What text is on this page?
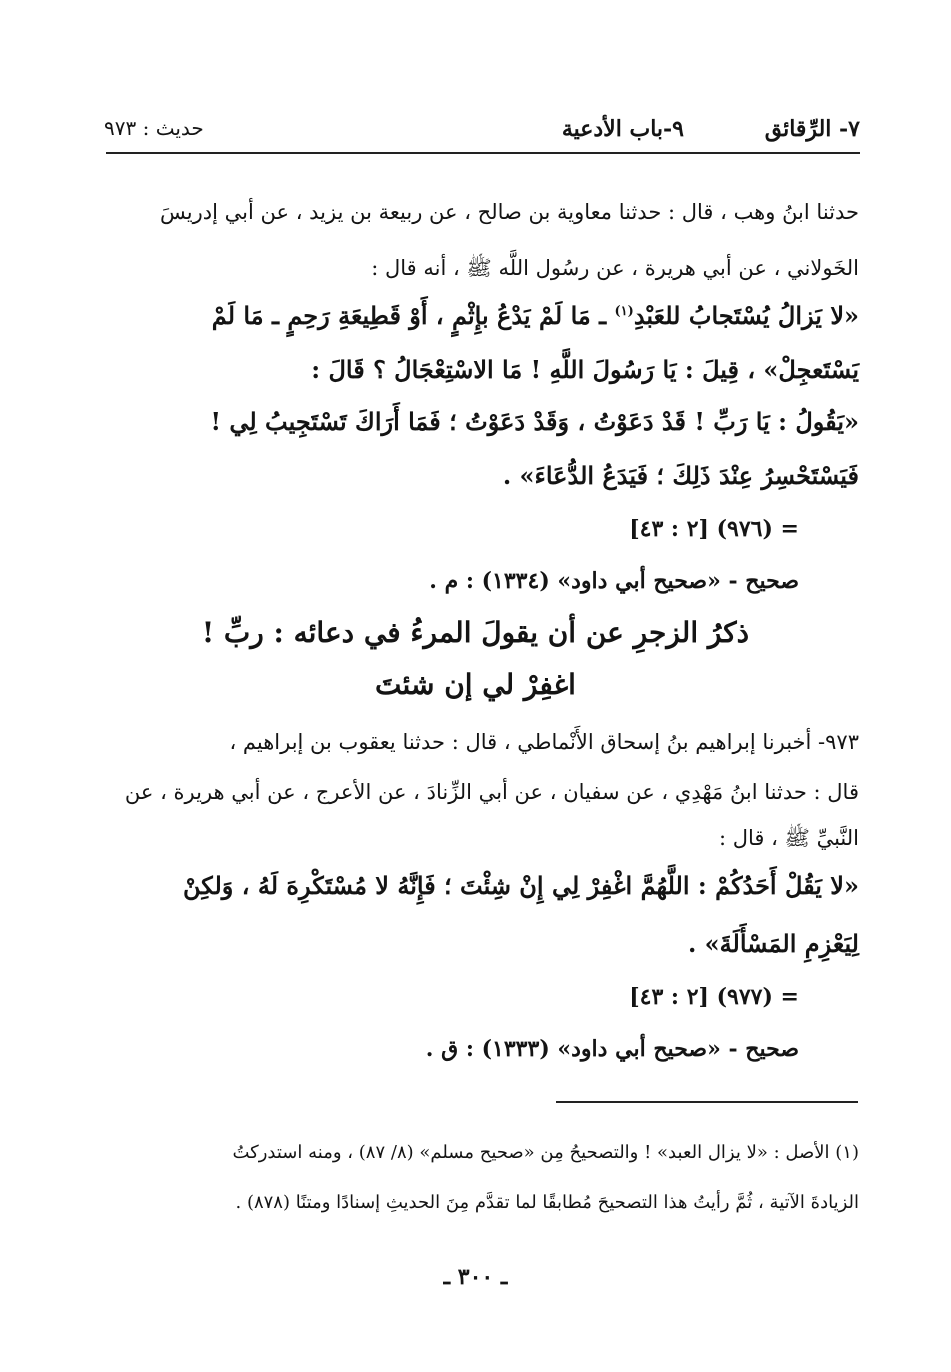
٧- الرِّقائق
٩-باب الأدعية
حديث : ٩٧٣
حدثنا ابنُ وهب ، قال : حدثنا معاوية بن صالح ، عن ربيعة بن يزيد ، عن أبي إدريسَ
الخَولاني ، عن أبي هريرة ، عن رسُول اللَّه ﷺ ، أنه قال :
«لا يَزالُ يُسْتَجابُ للعَبْدِ$^{(١)}$ ـ مَا لَمْ يَدْعُ بإِثْمٍ ، أَوْ قَطِيعَةِ رَحِمٍ ـ مَا لَمْ
يَسْتَعجِلْ» ، قِيلَ : يَا رَسُولَ اللَّهِ ! مَا الاسْتِعْجَالُ ؟ قَالَ :
«يَقُولُ : يَا رَبِّ ! قَدْ دَعَوْتُ ، وَقَدْ دَعَوْتُ ؛ فَمَا أَرَاكَ تَسْتَجِيبُ لِي !
فَيَسْتَحْسِرُ عِنْدَ ذَلِكَ ؛ فَيَدَعُ الدُّعَاءَ» .
= (٩٧٦) [٢ : ٤٣]
صحيح - «صحيح أبي داود» (١٣٣٤) : م .
ذكرُ الزجرِ عن أن يقولَ المرءُ في دعائه : ربِّ !
اغفِرْ لي إن شئتَ
٩٧٣- أخبرنا إبراهيم بنُ إسحاق الأَنْماطي ، قال : حدثنا يعقوب بن إبراهيم ،
قال : حدثنا ابنُ مَهْدِي ، عن سفيان ، عن أبي الزِّنادَ ، عن الأعرج ، عن أبي هريرة ، عن
النَّبيِّ ﷺ ، قال :
«لا يَقُلْ أَحَدُكُمْ : اللَّهُمَّ اغْفِرْ لِي إِنْ شِئْتَ ؛ فَإِنَّهُ لا مُسْتَكْرِهَ لَهُ ، وَلكِنْ
لِيَعْزِمِ المَسْأَلَةَ» .
= (٩٧٧) [٢ : ٤٣]
صحيح - «صحيح أبي داود» (١٣٣٣) : ق .
(١) الأصل : «لا يزال العبد» ! والتصحيحُ مِن «صحيح مسلم» (٨/ ٨٧) ، ومنه استدركتُ
الزيادةَ الآتية ، ثُمَّ رأيتُ هذا التصحيحَ مُطابقًا لما تقدَّم مِنَ الحديثِ إسنادًا ومتنًا (٨٧٨) .
ـ ٣٠٠ ـ
